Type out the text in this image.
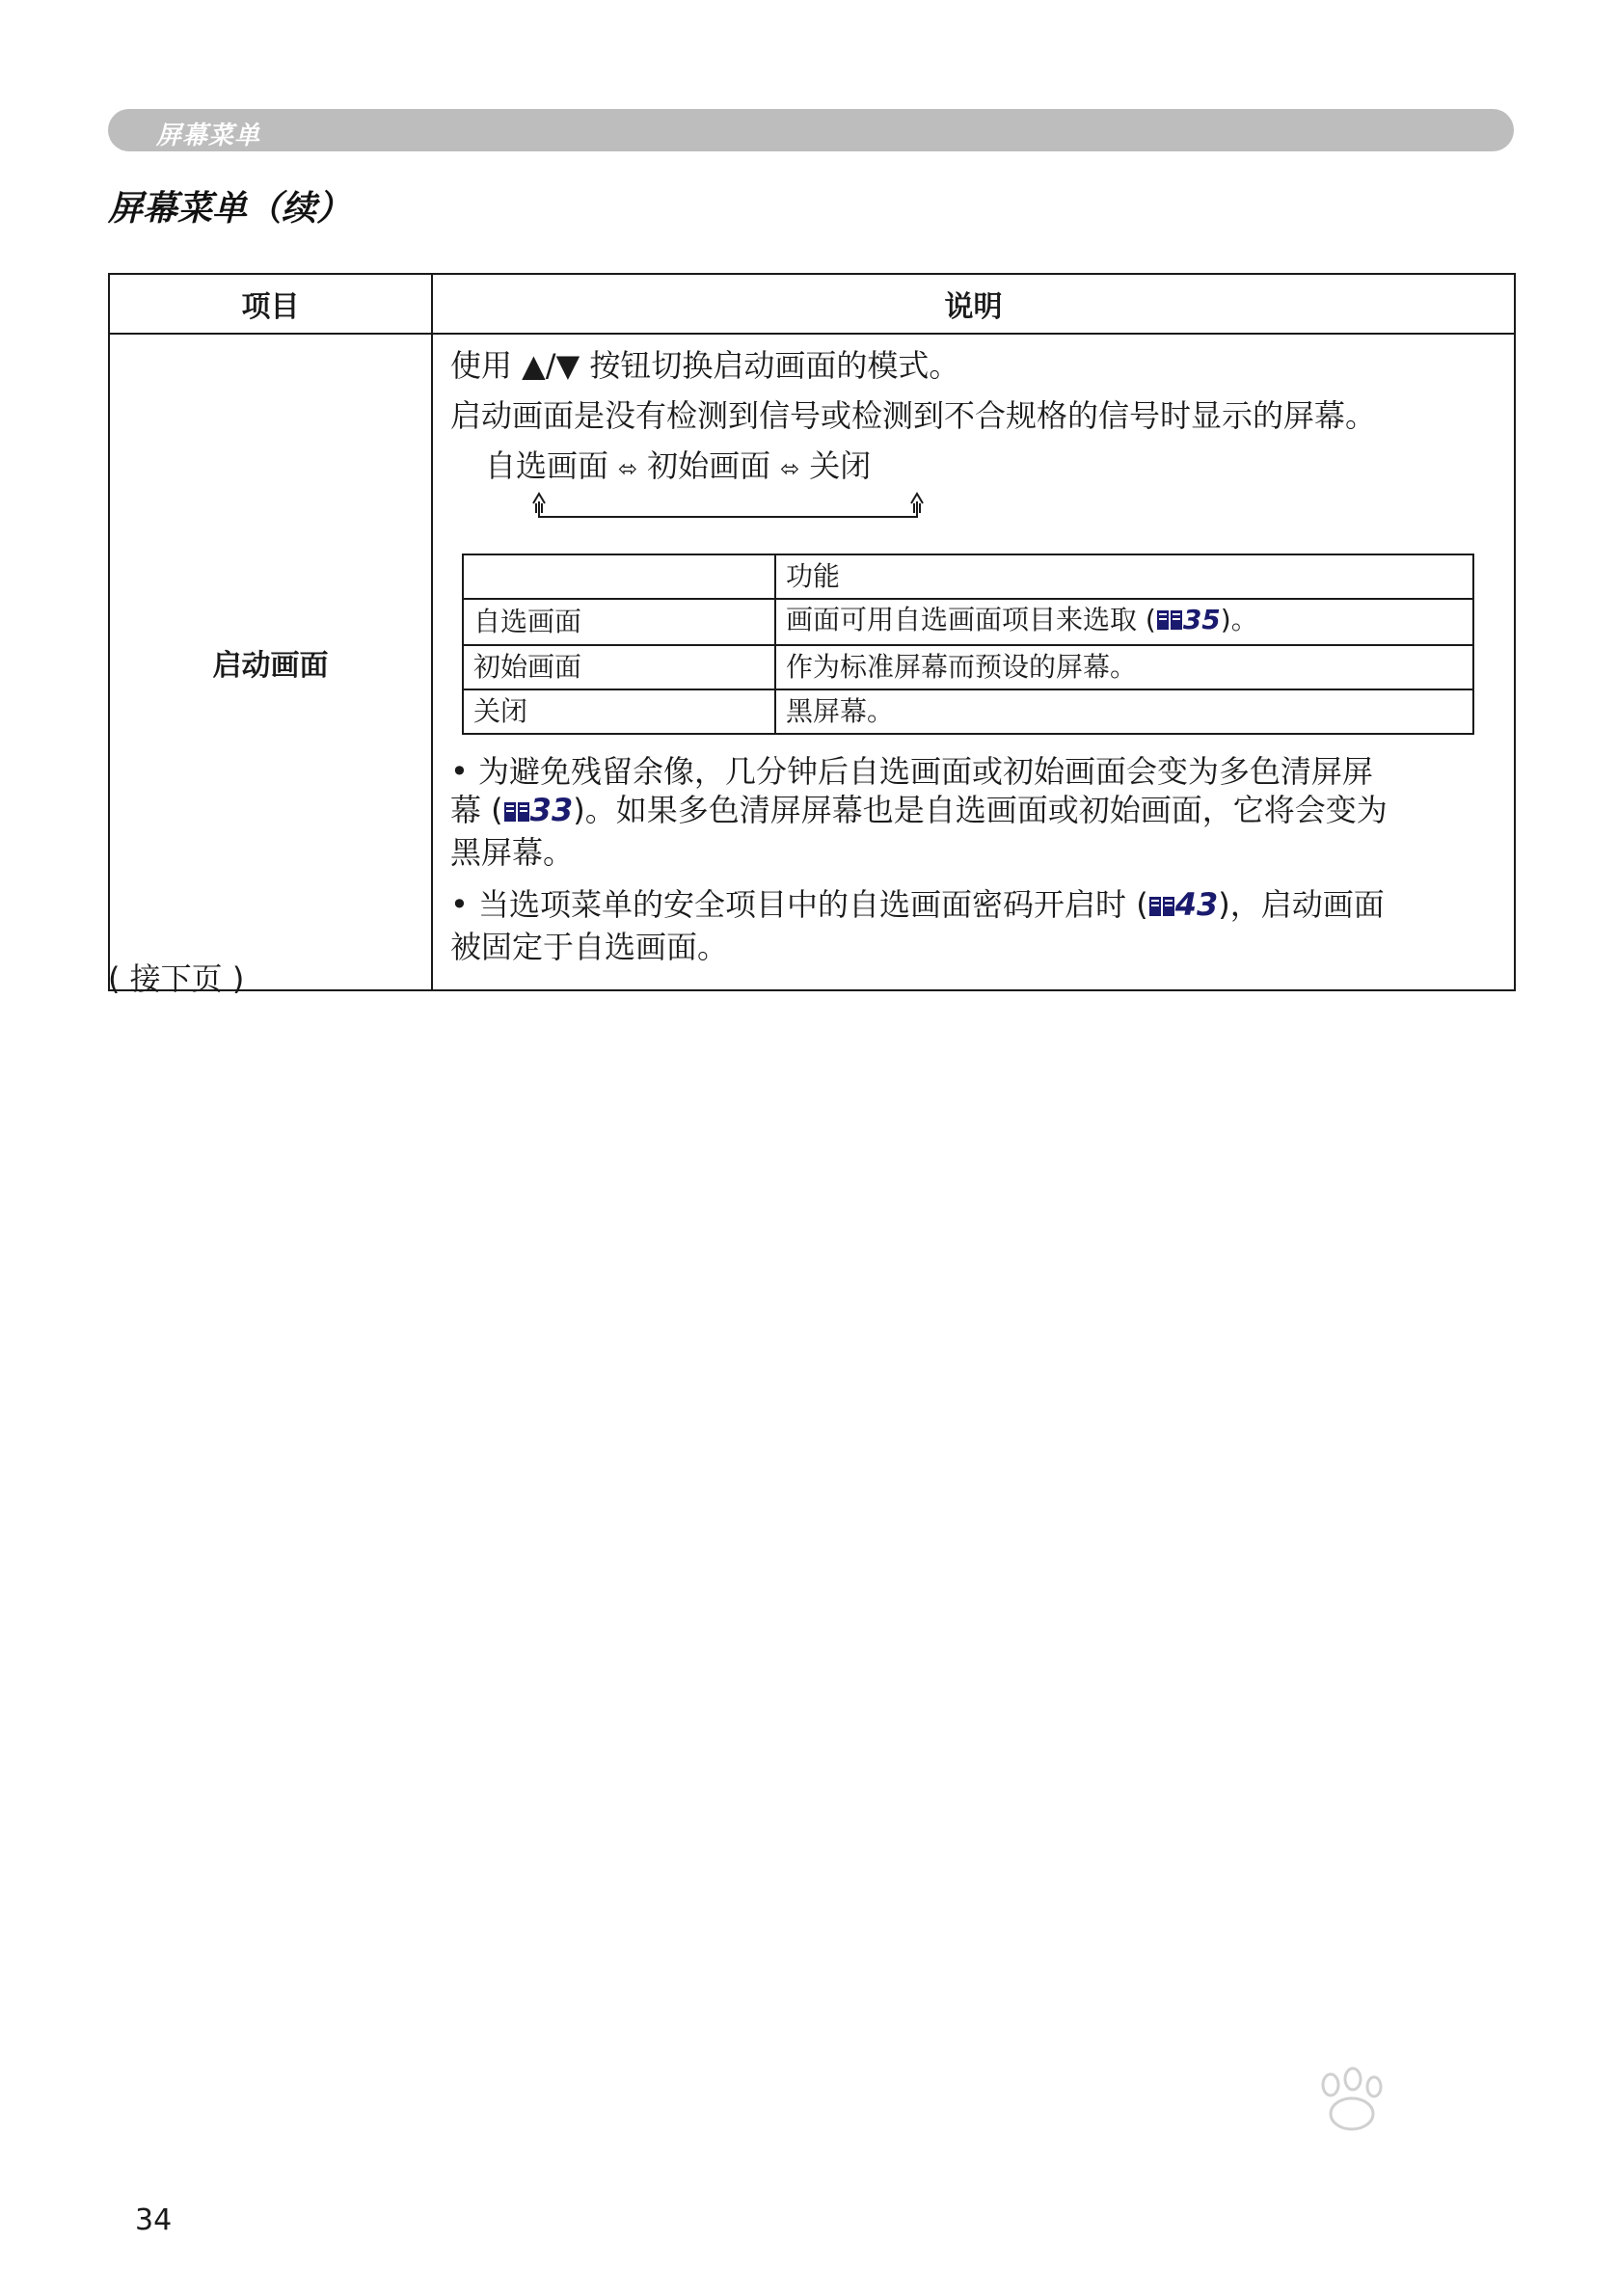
屏幕菜单
屏幕菜单（续）
项目	说明
启动画面	
使用 ▲/▼ 按钮切换启动画面的模式。
启动画面是没有检测到信号或检测到不合规格的信号时显示的屏幕。
自选画面 ⬄ 初始画面 ⬄ 关闭
	功能
自选画面	画面可用自选画面项目来选取 ( 35)。
初始画面	作为标准屏幕而预设的屏幕。
关闭	黑屏幕。
• 为避免残留余像，几分钟后自选画面或初始画面会变为多色清屏屏
幕 ( 33)。如果多色清屏屏幕也是自选画面或初始画面，它将会变为
黑屏幕。
• 当选项菜单的安全项目中的自选画面密码开启时 ( 43)，启动画面
被固定于自选画面。
( 接下页 )
34
